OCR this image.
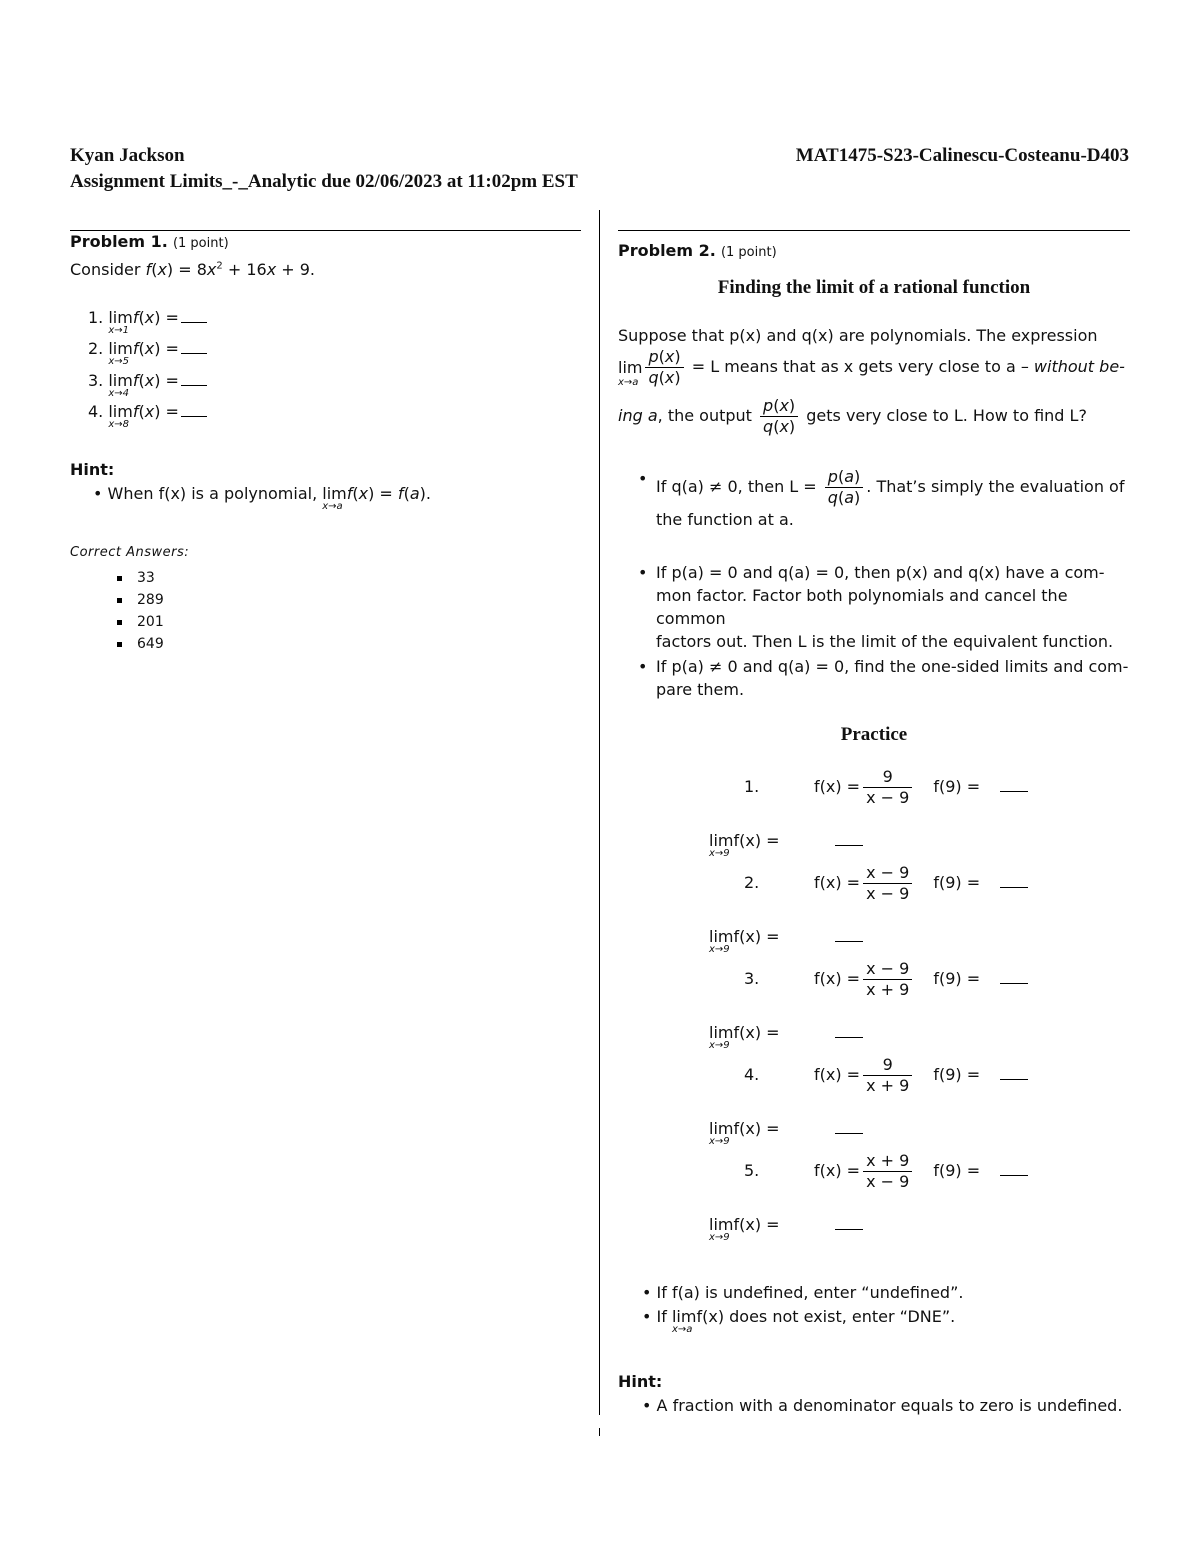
Kyan Jackson
Assignment Limits_-_Analytic due 02/06/2023 at 11:02pm EST
MAT1475-S23-Calinescu-Costeanu-D403
Problem 1. (1 point)
Consider $f(x) = 8x^2 + 16x + 9$.
1. lim
x→1
f(x) =
2. lim
x→5
f(x) =
3. lim
x→4
f(x) =
4. lim
x→8
f(x) =
Hint:
• When f(x) is a polynomial, lim
x→a
f(x) = f(a).
Correct Answers:
33
289
201
649
Problem 2. (1 point)
Finding the limit of a rational function
Suppose that p(x) and q(x) are polynomials. The expression
lim
$x\to a \frac{p(x)}{q(x)} = L$ means that as x gets very close to a – without be-
ing a, the output $\frac{p(x)}{q(x)}$ gets very close to L. How to find L?
• If q(a) ≠ 0, then $L = \frac{p(a)}{q(a)}$ . That’s simply the evaluation of
the function at a.
• If p(a) = 0 and q(a) = 0, then p(x) and q(x) have a com-
mon factor. Factor both polynomials and cancel the common
factors out. Then L is the limit of the equivalent function.
• If p(a) ≠ 0 and q(a) = 0, find the one-sided limits and com-
pare them.
Practice
1.	$f(x) = \frac{9}{x - 9} f(9)$ =
lim
x→9
f(x) =
2.	$f(x) = \frac{x - 9}{x - 9} f(9)$ =
lim
x→9
f(x) =
3.	$f(x) = \frac{x - 9}{x + 9} f(9)$ =
lim
x→9
f(x) =
4.	$f(x) = \frac{9}{x + 9} f(9)$ =
lim
x→9
f(x) =
5.	$f(x) = \frac{x + 9}{x - 9} f(9)$ =
lim
x→9
f(x) =
• If f(a) is undefined, enter “undefined”.
• If lim
x→a
f(x) does not exist, enter “DNE”.
Hint:
• A fraction with a denominator equals to zero is undefined.
